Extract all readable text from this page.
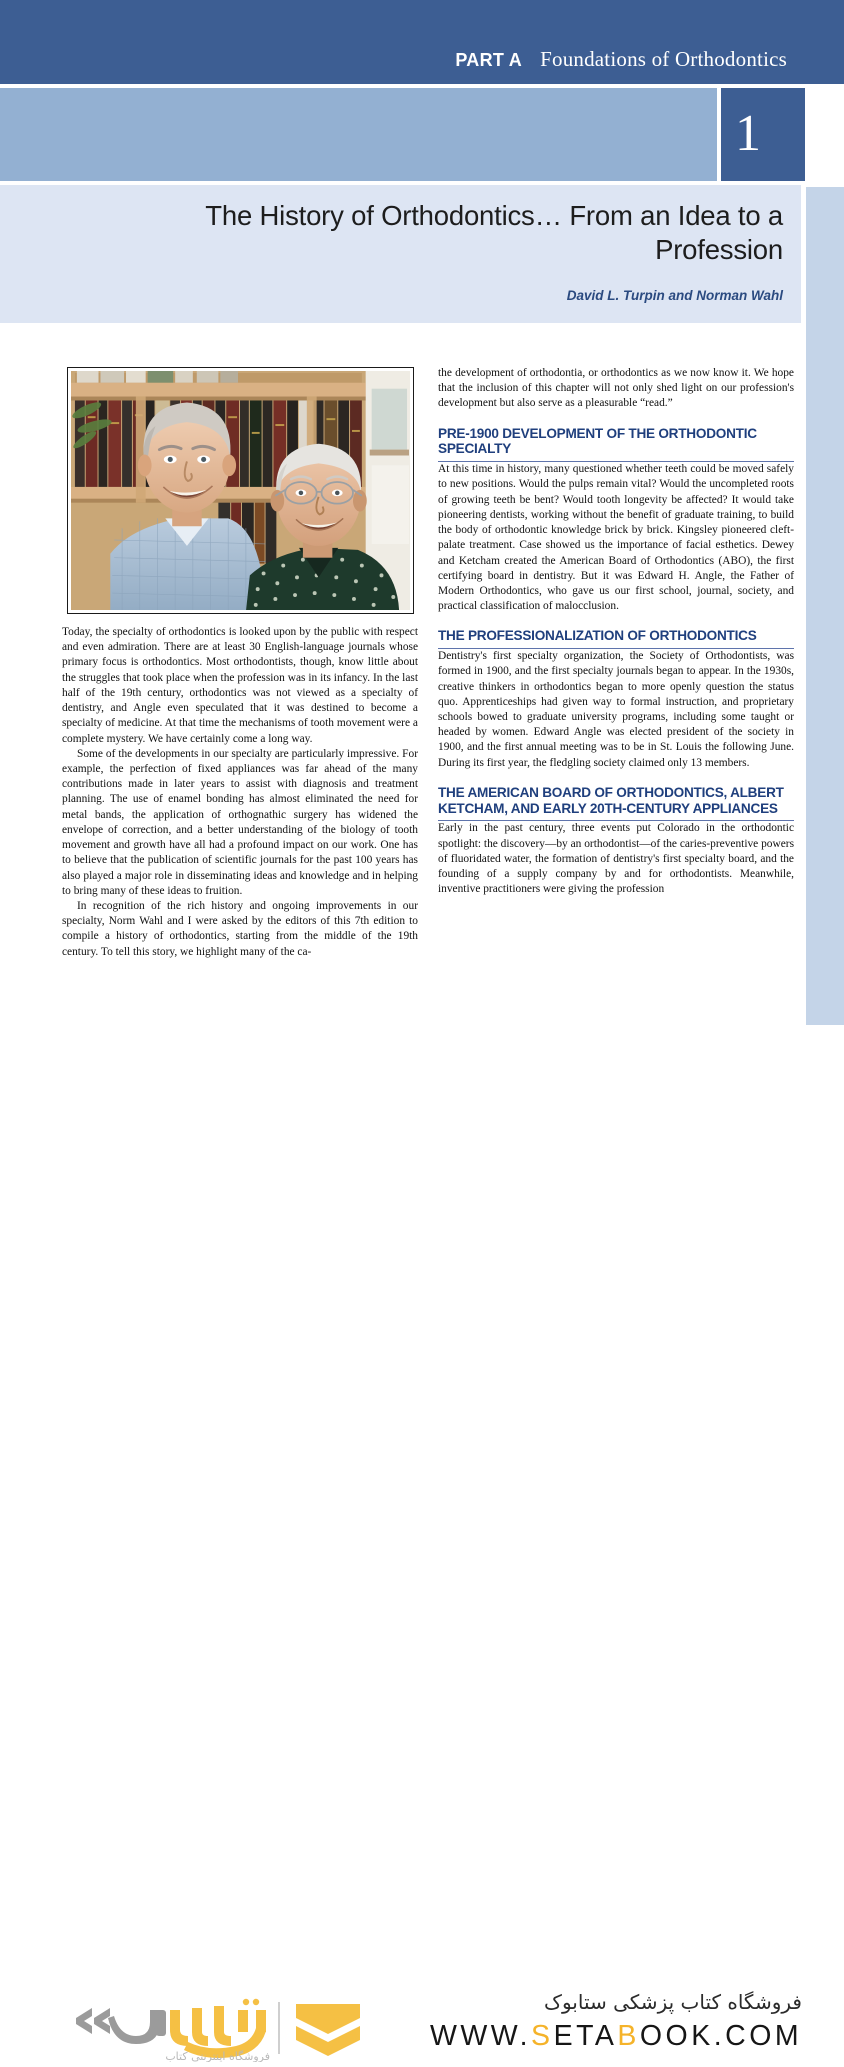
PART A Foundations of Orthodontics
1
The History of Orthodontics… From an Idea to a Profession
David L. Turpin and Norman Wahl

Today, the specialty of orthodontics is looked upon by the public with respect and even admiration. There are at least 30 English-language journals whose primary focus is orthodontics. Most orthodontists, though, know little about the struggles that took place when the profession was in its infancy. In the last half of the 19th century, orthodontics was not viewed as a specialty of dentistry, and Angle even speculated that it was destined to become a specialty of medicine. At that time the mechanisms of tooth movement were a complete mystery. We have certainly come a long way.

Some of the developments in our specialty are particularly impressive. For example, the perfection of fixed appliances was far ahead of the many contributions made in later years to assist with diagnosis and treatment planning. The use of enamel bonding has almost eliminated the need for metal bands, the application of orthognathic surgery has widened the envelope of correction, and a better understanding of the biology of tooth movement and growth have all had a profound impact on our work. One has to believe that the publication of scientific journals for the past 100 years has also played a major role in disseminating ideas and knowledge and in helping to bring many of these ideas to fruition.

In recognition of the rich history and ongoing improvements in our specialty, Norm Wahl and I were asked by the editors of this 7th edition to compile a history of orthodontics, starting from the middle of the 19th century. To tell this story, we highlight many of the ca-

the development of orthodontia, or orthodontics as we now know it. We hope that the inclusion of this chapter will not only shed light on our profession's development but also serve as a pleasurable “read.”

PRE-1900 DEVELOPMENT OF THE ORTHODONTIC SPECIALTY

At this time in history, many questioned whether teeth could be moved safely to new positions. Would the pulps remain vital? Would the uncompleted roots of growing teeth be bent? Would tooth longevity be affected? It would take pioneering dentists, working without the benefit of graduate training, to build the body of orthodontic knowledge brick by brick. Kingsley pioneered cleft-palate treatment. Case showed us the importance of facial esthetics. Dewey and Ketcham created the American Board of Orthodontics (ABO), the first certifying board in dentistry. But it was Edward H. Angle, the Father of Modern Orthodontics, who gave us our first school, journal, society, and practical classification of malocclusion.

THE PROFESSIONALIZATION OF ORTHODONTICS

Dentistry's first specialty organization, the Society of Orthodontists, was formed in 1900, and the first specialty journals began to appear. In the 1930s, creative thinkers in orthodontics began to more openly question the status quo. Apprenticeships had given way to formal instruction, and proprietary schools bowed to graduate university programs, including some taught or headed by women. Edward Angle was elected president of the society in 1900, and the first annual meeting was to be in St. Louis the following June. During its first year, the fledgling society claimed only 13 members.

THE AMERICAN BOARD OF ORTHODONTICS, ALBERT KETCHAM, AND EARLY 20TH-CENTURY APPLIANCES

Early in the past century, three events put Colorado in the orthodontic spotlight: the discovery—by an orthodontist—of the caries-preventive powers of fluoridated water, the formation of dentistry's first specialty board, and the founding of a supply company by and for orthodontists. Meanwhile, inventive practitioners were giving the profession

فروشگاه اینترنتی کتاب

فروشگاه کتاب پزشکی ستابوک

WWW.SETABOOK.COM
